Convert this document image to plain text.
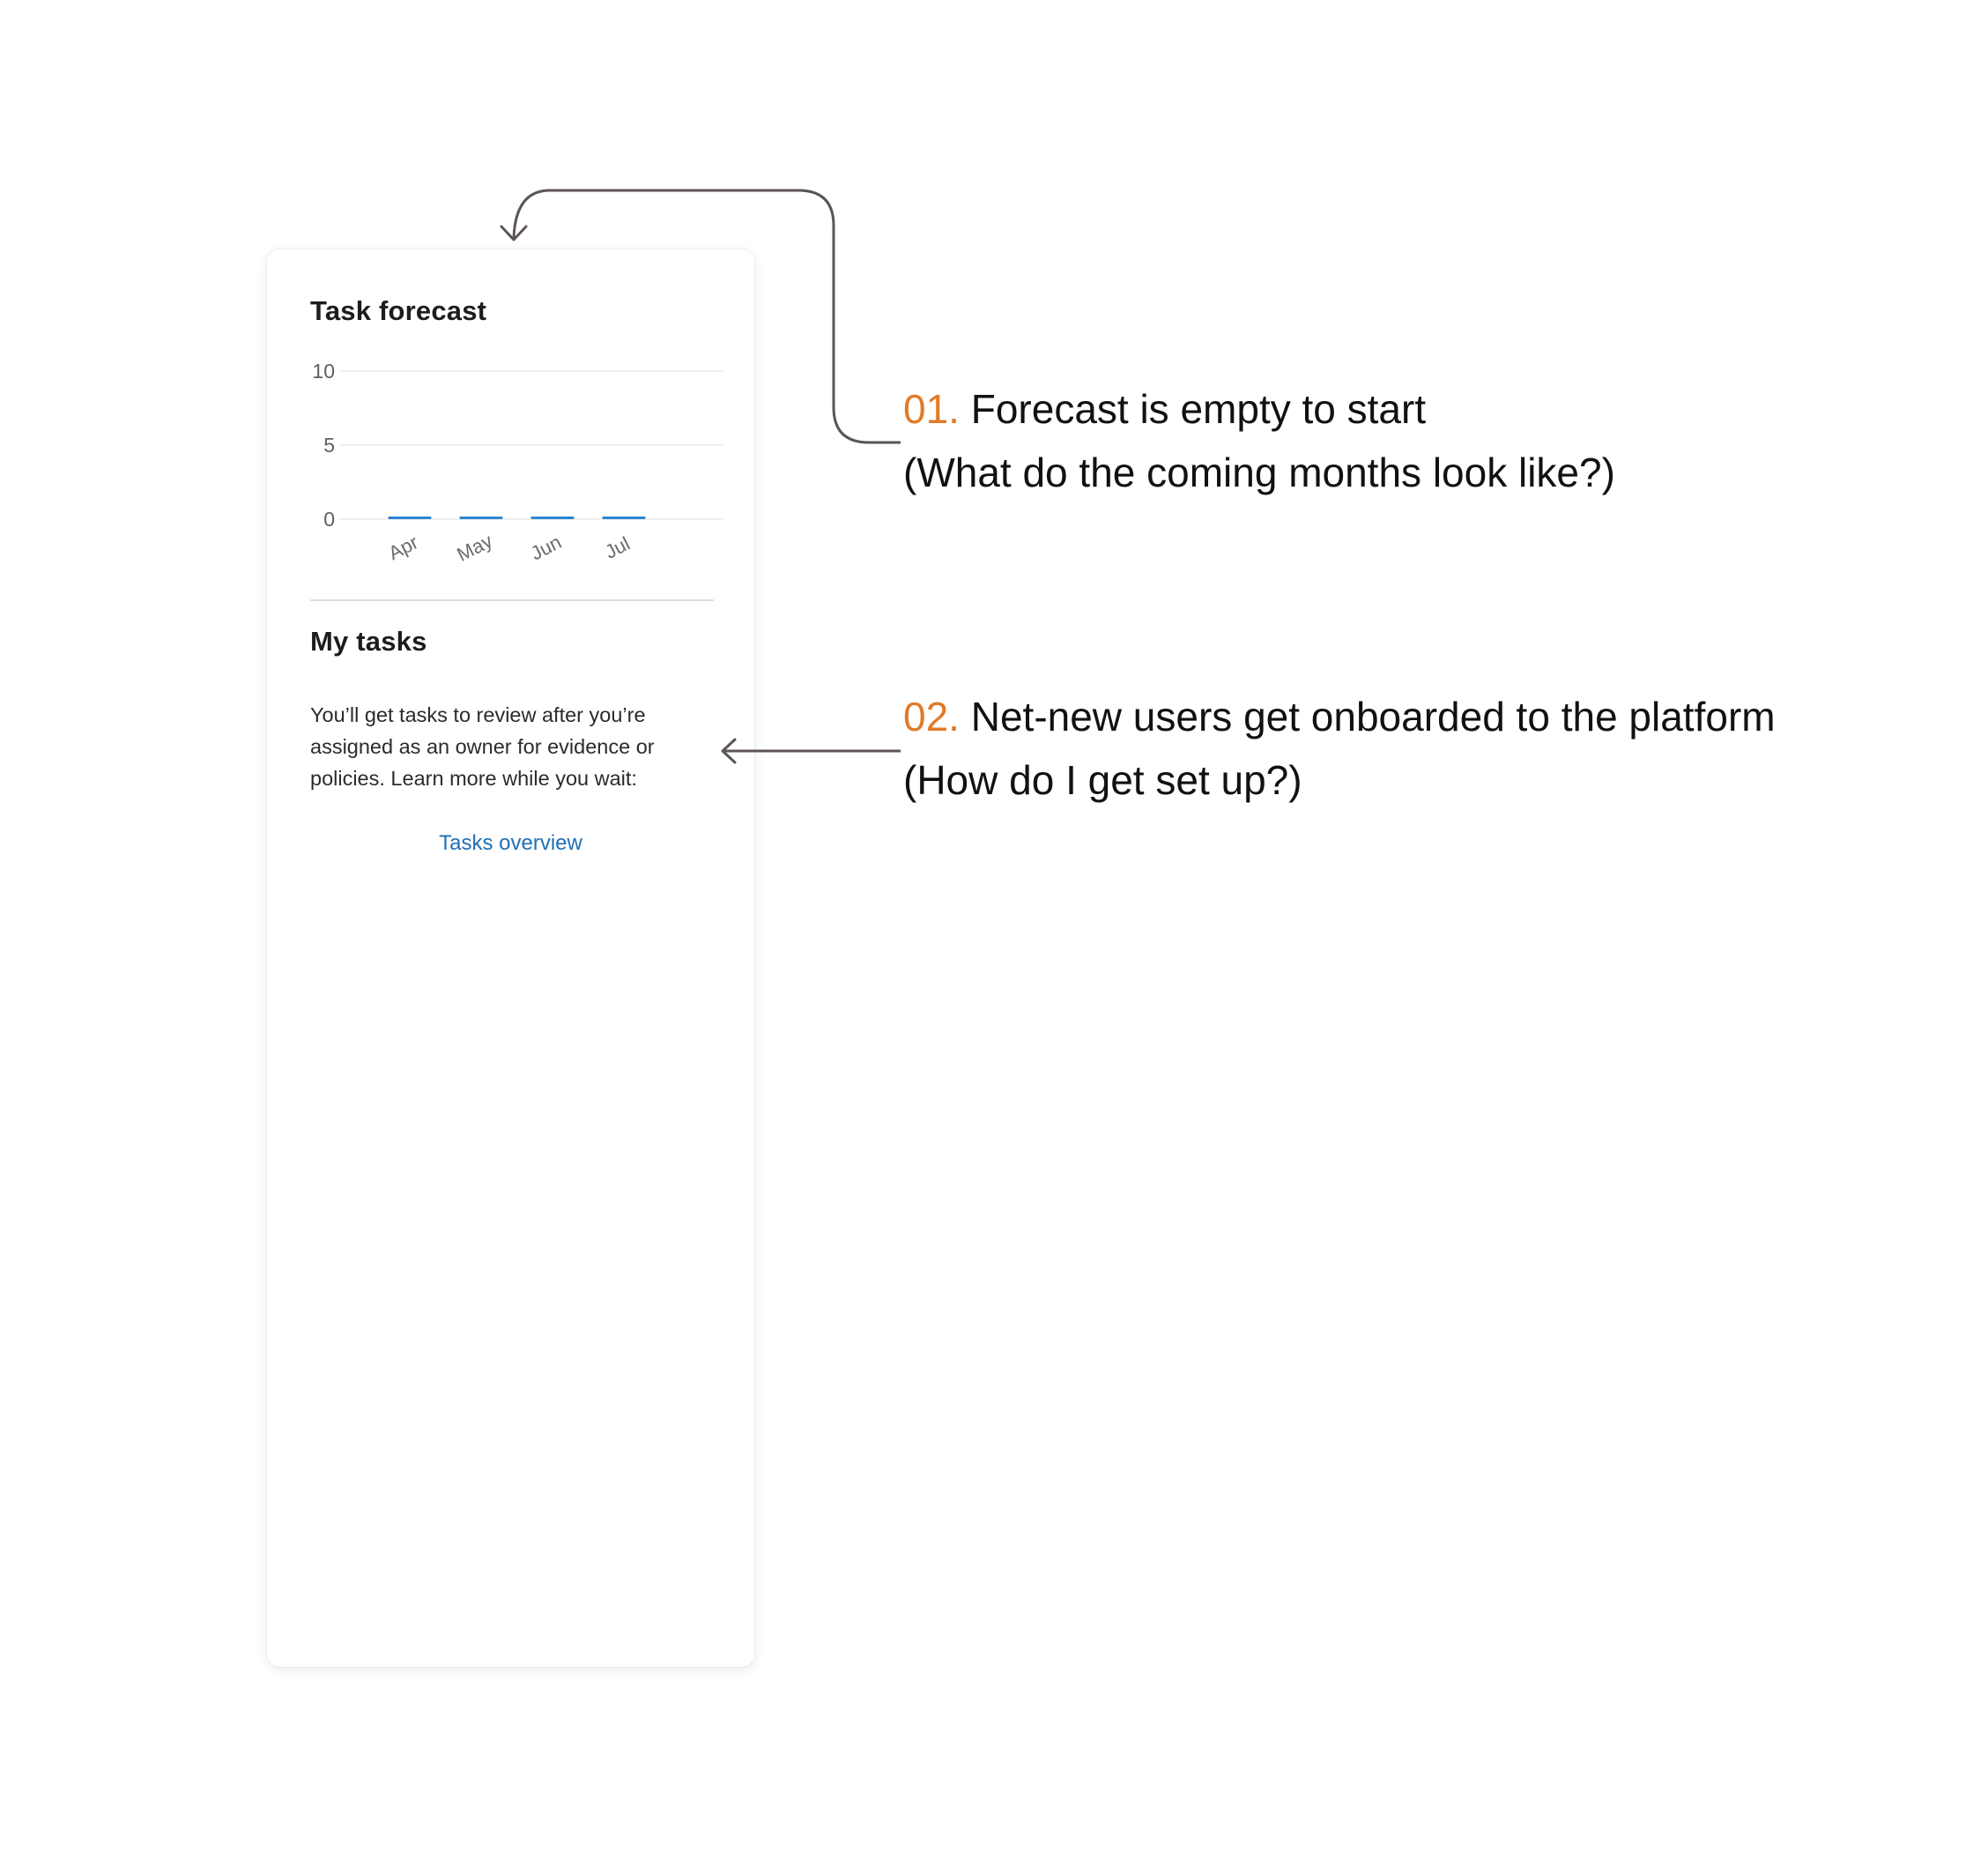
Task forecast
0
5
10
Apr May Jun Jul
My tasks

You’ll get tasks to review after you’re
assigned as an owner for evidence or
policies. Learn more while you wait:

Tasks overview
01. Forecast is empty to start
(What do the coming months look like?)
02. Net-new users get onboarded to the platform
(How do I get set up?)
